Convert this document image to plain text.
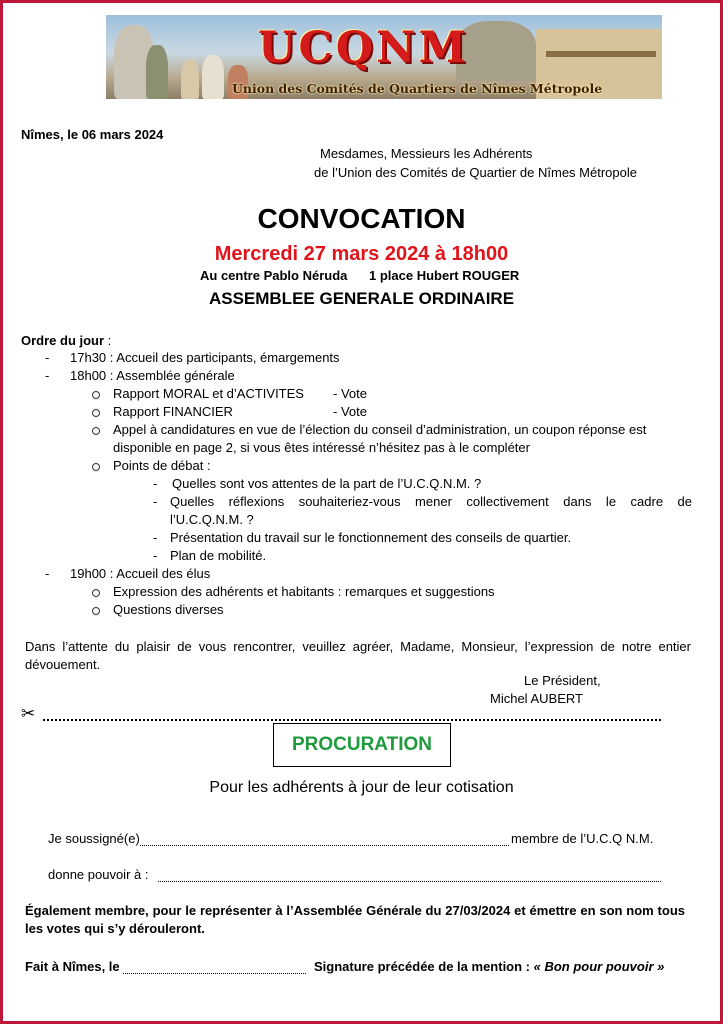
UCQNM
Union des Comités de Quartiers de Nîmes Métropole
Nîmes, le 06 mars 2024
Mesdames, Messieurs les Adhérents
de l’Union des Comités de Quartier de Nîmes Métropole
CONVOCATION
Mercredi 27 mars 2024 à 18h00
Au centre Pablo Néruda 1 place Hubert ROUGER
ASSEMBLEE GENERALE ORDINAIRE
Ordre du jour :
- 17h30 : Accueil des participants, émargements
- 18h00 : Assemblée générale
Rapport MORAL et d’ACTIVITES - Vote
Rapport FINANCIER	- Vote
Appel à candidatures en vue de l’élection du conseil d’administration, un coupon réponse est
disponible en page 2, si vous êtes intéressé n’hésitez pas à le compléter
Points de débat :
- Quelles sont vos attentes de la part de l’U.C.Q.N.M. ?
- Quelles réflexions souhaiteriez-vous mener collectivement dans le cadre de
l’U.C.Q.N.M. ?
- Présentation du travail sur le fonctionnement des conseils de quartier.
- Plan de mobilité.
- 19h00 : Accueil des élus
Expression des adhérents et habitants : remarques et suggestions
Questions diverses
Dans l’attente du plaisir de vous rencontrer, veuillez agréer, Madame, Monsieur, l’expression de notre entier
dévouement.
Le Président,
Michel AUBERT
✂
PROCURATION
Pour les adhérents à jour de leur cotisation
Je soussigné(e)	membre de l’U.C.Q N.M.
donne pouvoir à :
Également membre, pour le représenter à l’Assemblée Générale du 27/03/2024 et émettre en son nom tous
les votes qui s’y dérouleront.
Fait à Nîmes, le	Signature précédée de la mention : « Bon pour pouvoir »
